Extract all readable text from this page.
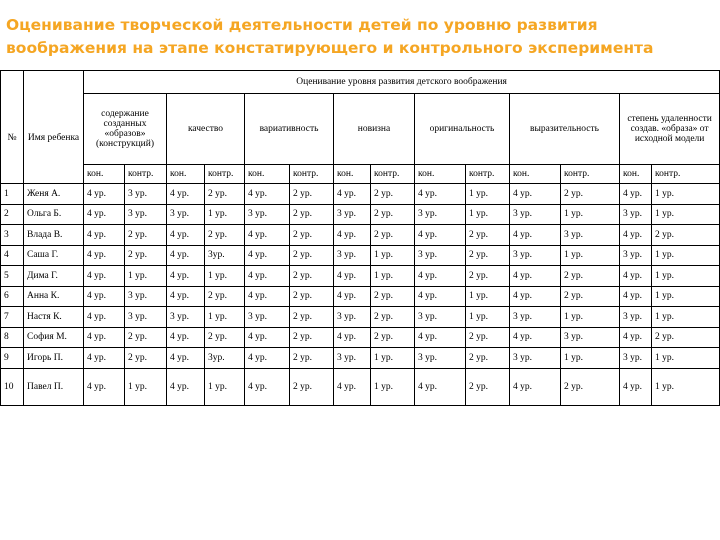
Оценивание творческой деятельности детей по уровню развития воображения на этапе констатирующего и контрольного эксперимента
		Оценивание уровня развития детского воображения													
№	Имя ребенка	содержание созданных «образов» (конструкций)		качество		вариативность		новизна		оригинальность		выразительность		степень удаленности создав. «образа» от исходной модели	
		кон.	контр.	кон.	контр.	кон.	контр.	кон.	контр.	кон.	контр.	кон.	контр.	кон.	контр.
1	Женя А.	4 ур.	3 ур.	4 ур.	2 ур.	4 ур.	2 ур.	4 ур.	2 ур.	4 ур.	1 ур.	4 ур.	2 ур.	4 ур.	1 ур.
2	Ольга Б.	4 ур.	3 ур.	3 ур.	1 ур.	3 ур.	2 ур.	3 ур.	2 ур.	3 ур.	1 ур.	3 ур.	1 ур.	3 ур.	1 ур.
3	Влада В.	4 ур.	2 ур.	4 ур.	2 ур.	4 ур.	2 ур.	4 ур.	2 ур.	4 ур.	2 ур.	4 ур.	3 ур.	4 ур.	2 ур.
4	Саша Г.	4 ур.	2 ур.	4 ур.	3ур.	4 ур.	2 ур.	3 ур.	1 ур.	3 ур.	2 ур.	3 ур.	1 ур.	3 ур.	1 ур.
5	Дима Г.	4 ур.	1 ур.	4 ур.	1 ур.	4 ур.	2 ур.	4 ур.	1 ур.	4 ур.	2 ур.	4 ур.	2 ур.	4 ур.	1 ур.
6	Анна К.	4 ур.	3 ур.	4 ур.	2 ур.	4 ур.	2 ур.	4 ур.	2 ур.	4 ур.	1 ур.	4 ур.	2 ур.	4 ур.	1 ур.
7	Настя К.	4 ур.	3 ур.	3 ур.	1 ур.	3 ур.	2 ур.	3 ур.	2 ур.	3 ур.	1 ур.	3 ур.	1 ур.	3 ур.	1 ур.
8	София М.	4 ур.	2 ур.	4 ур.	2 ур.	4 ур.	2 ур.	4 ур.	2 ур.	4 ур.	2 ур.	4 ур.	3 ур.	4 ур.	2 ур.
9	Игорь П.	4 ур.	2 ур.	4 ур.	3ур.	4 ур.	2 ур.	3 ур.	1 ур.	3 ур.	2 ур.	3 ур.	1 ур.	3 ур.	1 ур.
10	Павел П.	4 ур.	1 ур.	4 ур.	1 ур.	4 ур.	2 ур.	4 ур.	1 ур.	4 ур.	2 ур.	4 ур.	2 ур.	4 ур.	1 ур.
